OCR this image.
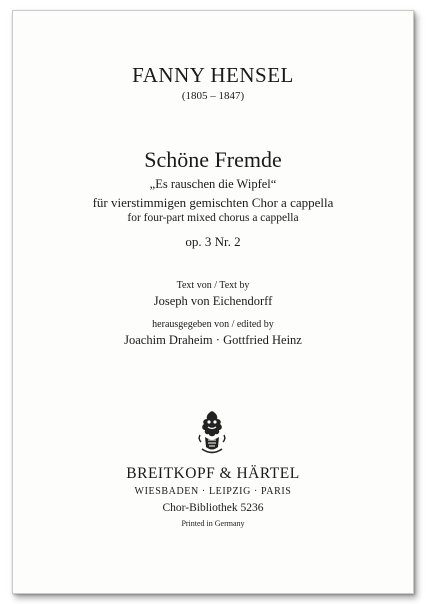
FANNY HENSEL
(1805 – 1847)
Schöne Fremde
„Es rauschen die Wipfel“
für vierstimmigen gemischten Chor a cappella
for four-part mixed chorus a cappella
op. 3 Nr. 2
Text von / Text by
Joseph von Eichendorff
herausgegeben von / edited by
Joachim Draheim · Gottfried Heinz
BREITKOPF & HÄRTEL
WIESBADEN · LEIPZIG · PARIS
Chor-Bibliothek 5236
Printed in Germany
